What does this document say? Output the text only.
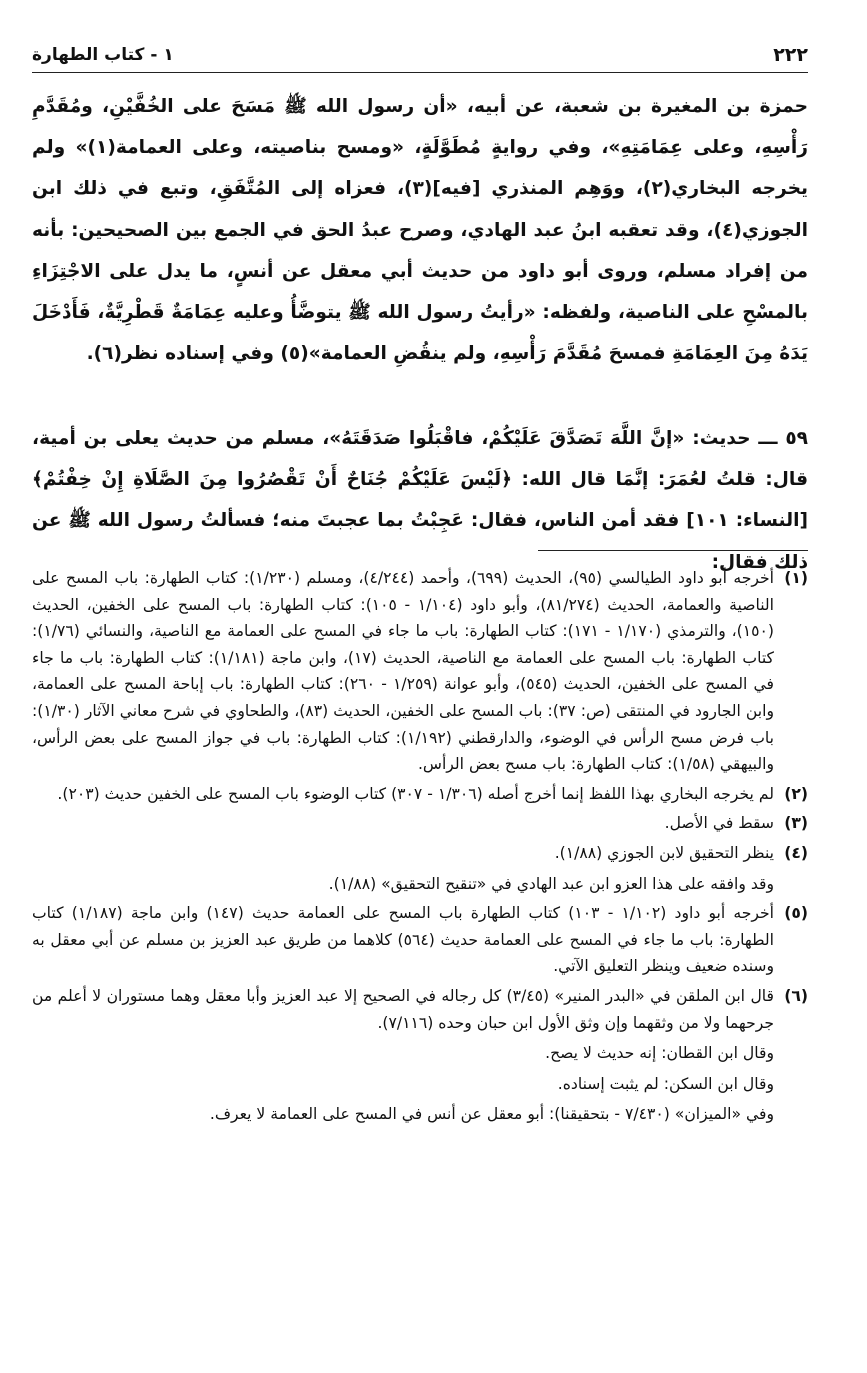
٢٢٢
١ - كتاب الطهارة

حمزة بن المغيرة بن شعبة، عن أبيه، «أن رسول الله ﷺ مَسَحَ على الخُفَّيْنِ، ومُقَدَّمِ رَأْسِهِ، وعلى عِمَامَتِهِ»، وفي روايةٍ مُطَوَّلَةٍ، «ومسح بناصيته، وعلى العمامة(١)» ولم يخرجه البخاري(٢)، ووَهِم المنذري [فيه](٣)، فعزاه إلى المُتَّفَقِ، وتبع في ذلك ابن الجوزي(٤)، وقد تعقبه ابنُ عبد الهادي، وصرح عبدُ الحق في الجمع بين الصحيحين: بأنه من إفراد مسلم، وروى أبو داود من حديث أبي معقل عن أنسٍ، ما يدل على الاجْتِزَاءِ بالمسْحِ على الناصية، ولفظه: «رأيتُ رسول الله ﷺ يتوضَّأُ وعليه عِمَامَةٌ قَطْرِيَّةٌ، فَأَدْخَلَ يَدَهُ مِنَ العِمَامَةِ فمسحَ مُقَدَّمَ رَأْسِهِ، ولم ينقُضِ العمامة»(٥) وفي إسناده نظر(٦).

٥٩ ـــ حديث: «إنَّ اللَّهَ تَصَدَّقَ عَلَيْكُمْ، فاقْبَلُوا صَدَقَتَهُ»، مسلم من حديث يعلى بن أمية، قال: قلتُ لعُمَرَ: إنَّمَا قال الله: ﴿لَيْسَ عَلَيْكُمْ جُنَاحٌ أَنْ تَقْصُرُوا مِنَ الصَّلَاةِ إِنْ خِفْتُمْ﴾ [النساء: ١٠١] فقد أمن الناس، فقال: عَجِبْتُ بما عجبتَ منه؛ فسألتُ رسول الله ﷺ عن ذلك فقال:

(١)

أخرجه أبو داود الطيالسي (٩٥)، الحديث (٦٩٩)، وأحمد (٤/٢٤٤)، ومسلم (١/٢٣٠): كتاب الطهارة: باب المسح على الناصية والعمامة، الحديث (٨١/٢٧٤)، وأبو داود (١/١٠٤ - ١٠٥): كتاب الطهارة: باب المسح على الخفين، الحديث (١٥٠)، والترمذي (١/١٧٠ - ١٧١): كتاب الطهارة: باب ما جاء في المسح على العمامة مع الناصية، والنسائي (١/٧٦): كتاب الطهارة: باب المسح على العمامة مع الناصية، الحديث (١٧)، وابن ماجة (١/١٨١): كتاب الطهارة: باب ما جاء في المسح على الخفين، الحديث (٥٤٥)، وأبو عوانة (١/٢٥٩ - ٢٦٠): كتاب الطهارة: باب إباحة المسح على العمامة، وابن الجارود في المنتقى (ص: ٣٧): باب المسح على الخفين، الحديث (٨٣)، والطحاوي في شرح معاني الآثار (١/٣٠): باب فرض مسح الرأس في الوضوء، والدارقطني (١/١٩٢): كتاب الطهارة: باب في جواز المسح على بعض الرأس، والبيهقي (١/٥٨): كتاب الطهارة: باب مسح بعض الرأس.

(٢)

لم يخرجه البخاري بهذا اللفظ إنما أخرج أصله (١/٣٠٦ - ٣٠٧) كتاب الوضوء باب المسح على الخفين حديث (٢٠٣).

(٣)

سقط في الأصل.

(٤)

ينظر التحقيق لابن الجوزي (١/٨٨).

وقد وافقه على هذا العزو ابن عبد الهادي في «تنقيح التحقيق» (١/٨٨).

(٥)

أخرجه أبو داود (١/١٠٢ - ١٠٣) كتاب الطهارة باب المسح على العمامة حديث (١٤٧) وابن ماجة (١/١٨٧) كتاب الطهارة: باب ما جاء في المسح على العمامة حديث (٥٦٤) كلاهما من طريق عبد العزيز بن مسلم عن أبي معقل به وسنده ضعيف وينظر التعليق الآتي.

(٦)

قال ابن الملقن في «البدر المنير» (٣/٤٥) كل رجاله في الصحيح إلا عبد العزيز وأبا معقل وهما مستوران لا أعلم من جرحهما ولا من وثقهما وإن وثق الأول ابن حبان وحده (٧/١١٦).

وقال ابن القطان: إنه حديث لا يصح.

وقال ابن السكن: لم يثبت إسناده.

وفي «الميزان» (٧/٤٣٠ - بتحقيقنا): أبو معقل عن أنس في المسح على العمامة لا يعرف.
